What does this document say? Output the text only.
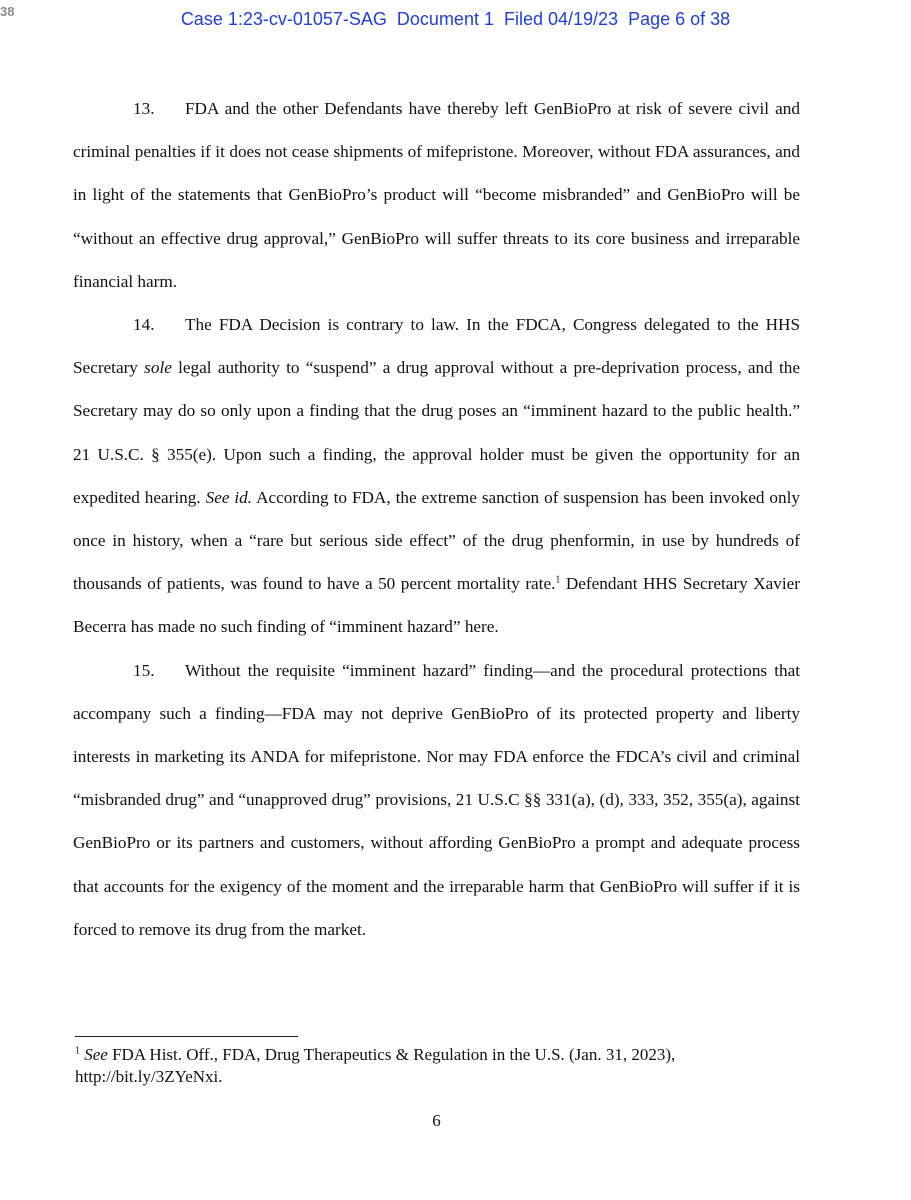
38	Case 1:23-cv-01057-SAG Document 1 Filed 04/19/23 Page 6 of 38

13. FDA and the other Defendants have thereby left GenBioPro at risk of severe civil and criminal penalties if it does not cease shipments of mifepristone. Moreover, without FDA assurances, and in light of the statements that GenBioPro’s product will “become misbranded” and GenBioPro will be “without an effective drug approval,” GenBioPro will suffer threats to its core business and irreparable financial harm.

14. The FDA Decision is contrary to law. In the FDCA, Congress delegated to the HHS Secretary sole legal authority to “suspend” a drug approval without a pre-deprivation process, and the Secretary may do so only upon a finding that the drug poses an “imminent hazard to the public health.” 21 U.S.C. § 355(e). Upon such a finding, the approval holder must be given the opportunity for an expedited hearing. See id. According to FDA, the extreme sanction of suspension has been invoked only once in history, when a “rare but serious side effect” of the drug phenformin, in use by hundreds of thousands of patients, was found to have a 50 percent mortality rate.$^1$ Defendant HHS Secretary Xavier Becerra has made no such finding of “imminent hazard” here.

15. Without the requisite “imminent hazard” finding—and the procedural protections that accompany such a finding—FDA may not deprive GenBioPro of its protected property and liberty interests in marketing its ANDA for mifepristone. Nor may FDA enforce the FDCA’s civil and criminal “misbranded drug” and “unapproved drug” provisions, 21 U.S.C §§ 331(a), (d), 333, 352, 355(a), against GenBioPro or its partners and customers, without affording GenBioPro a prompt and adequate process that accounts for the exigency of the moment and the irreparable harm that GenBioPro will suffer if it is forced to remove its drug from the market.

$^1$ See FDA Hist. Off., FDA, Drug Therapeutics & Regulation in the U.S. (Jan. 31, 2023), http://bit.ly/3ZYeNxi.
6
